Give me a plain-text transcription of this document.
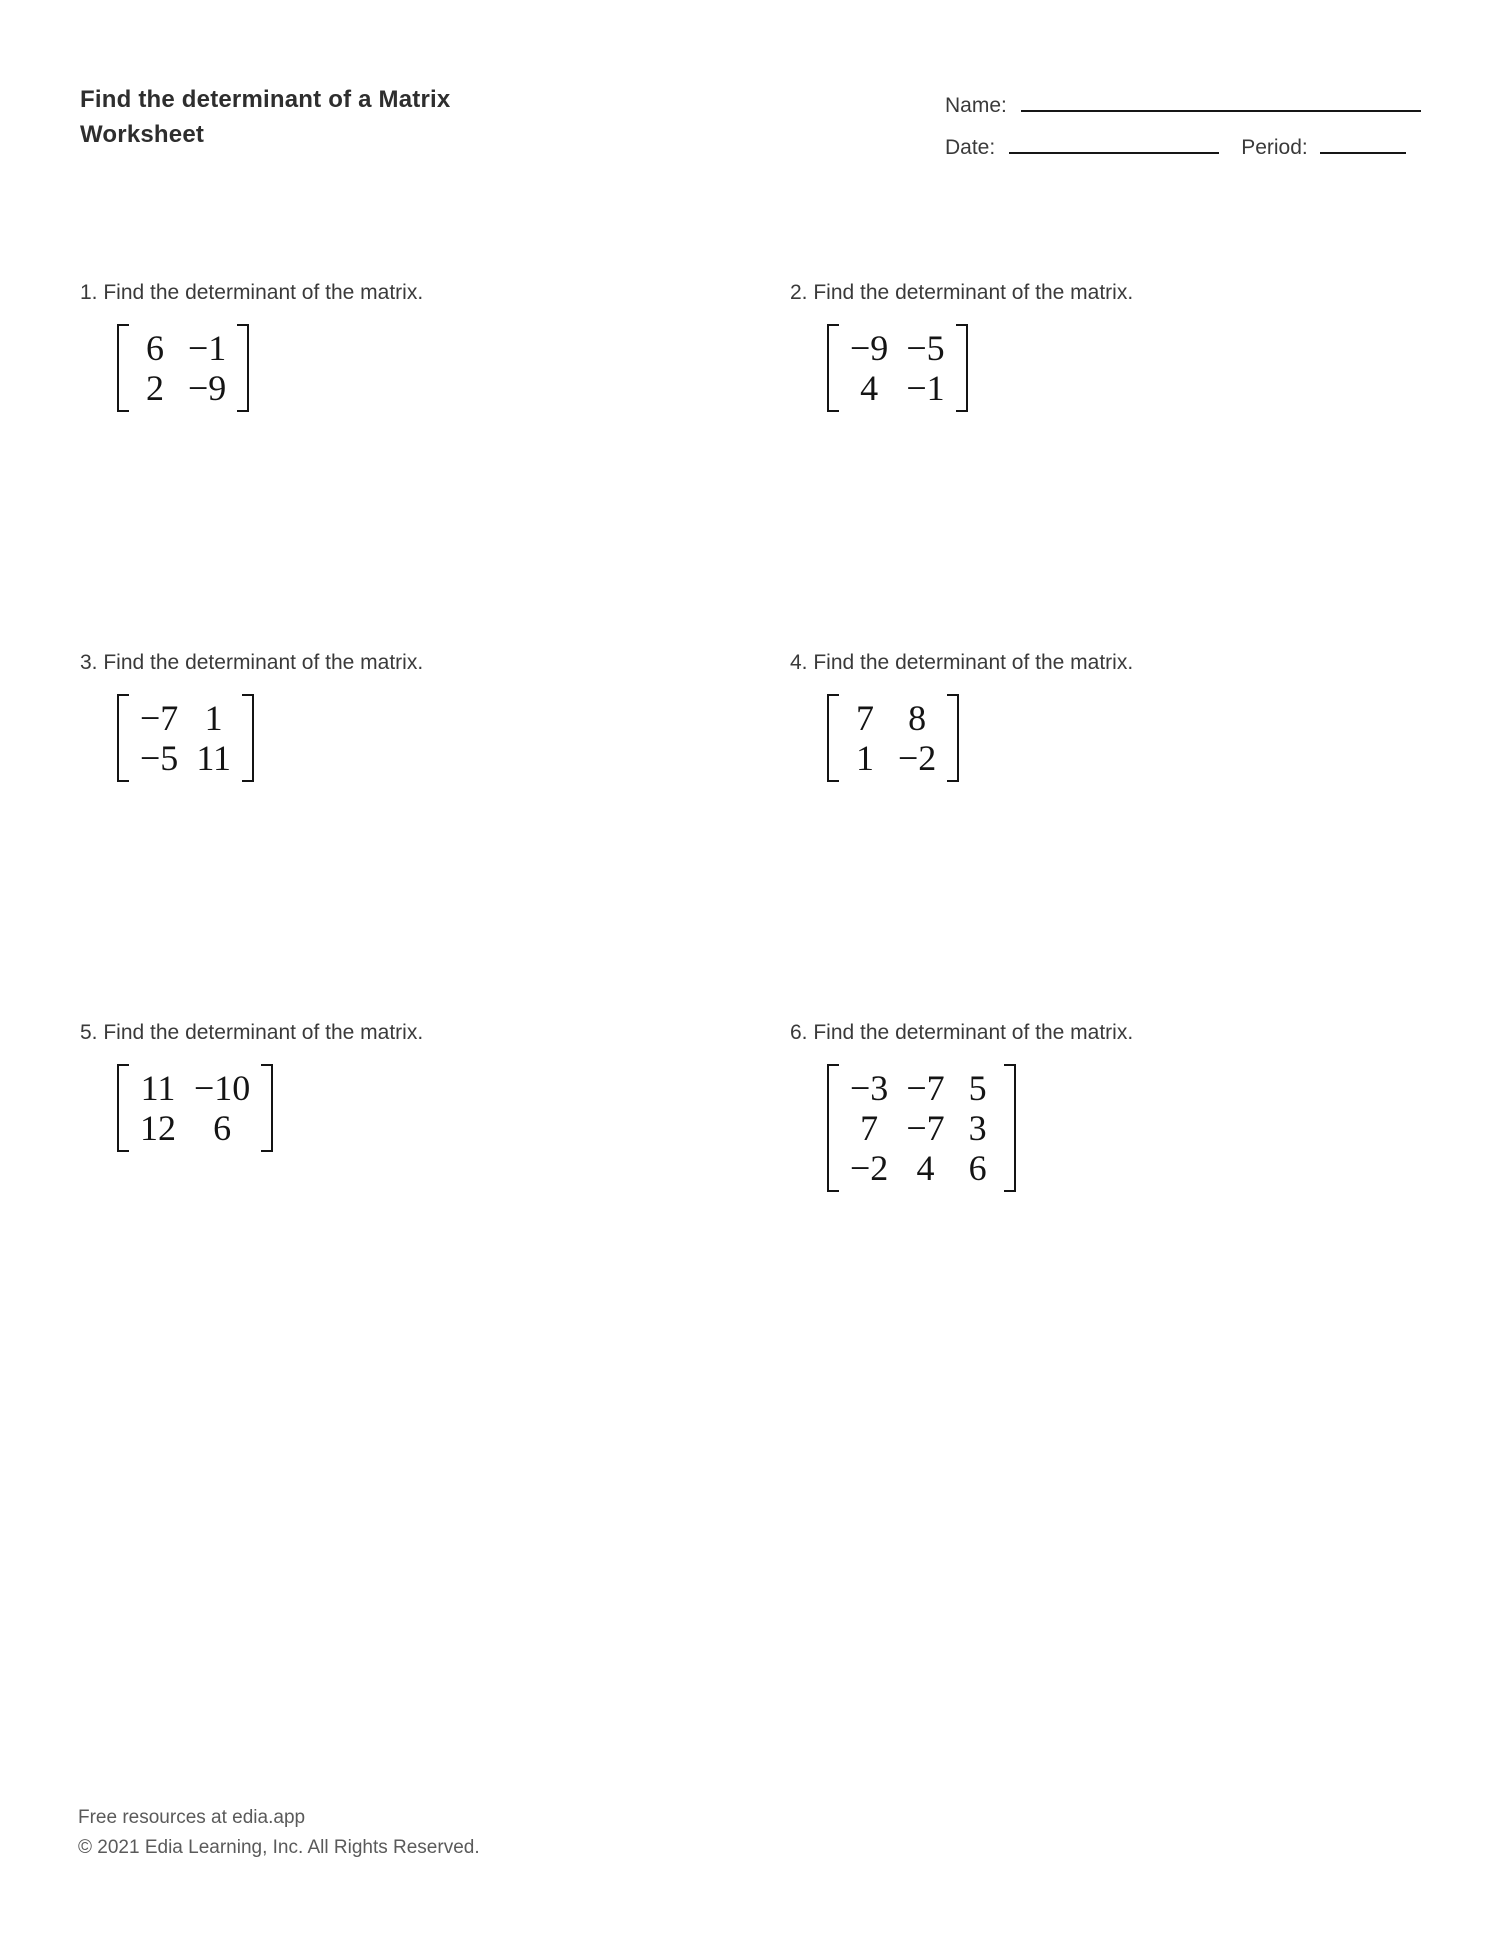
Find the determinant of a Matrix
Worksheet
Name:
Date:	Period:

1. Find the determinant of the matrix.

6 −1
2 −9

2. Find the determinant of the matrix.

−9 −5
4 −1

3. Find the determinant of the matrix.

−7 1
−5 11

4. Find the determinant of the matrix.

7 8
1 −2

5. Find the determinant of the matrix.

11 −10
12	6

6. Find the determinant of the matrix.

−3 −7 5
7 −7 3
−2 4 6
Free resources at edia.app
© 2021 Edia Learning, Inc. All Rights Reserved.
